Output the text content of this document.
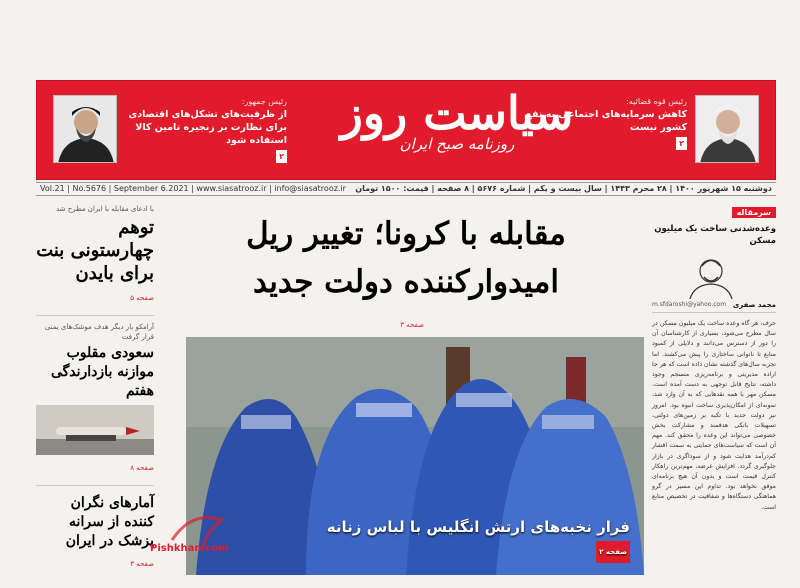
رئیس جمهور:
از ظرفیت‌های تشکل‌های اقتصادی برای نظارت بر زنجیره تامین کالا استفاده شود
۲
سیاست روز
روزنامه صبح ایران
رئیس قوه قضائیه:
کاهش سرمایه‌های اجتماعی به نفع کشور نیست
۲
Vol.21 | No.5676 | September 6.2021 | www.siasatrooz.ir | info@siasatrooz.ir دوشنبه ۱۵ شهریور ۱۴۰۰ | ۲۸ محرم ۱۴۴۳ | سال بیست و یکم | شماره ۵۶۷۶ | ۸ صفحه | قیمت: ۱۵۰۰ تومان
با ادعای مقابله با ایران مطرح شد
توهم چهارستونی بنت برای بایدن
صفحه ۵
آرامکو بار دیگر هدف موشک‌های یمنی قرار گرفت
سعودی مقلوب موازنه بازدارندگی هفتم
صفحه ۸
آمارهای نگران کننده از سرانه پزشک در ایران
صفحه ۳
مقابله با کرونا؛ تغییر ریل امیدوارکننده دولت جدید
صفحه ۳
فرار نخبه‌های ارتش انگلیس با لباس زنانه
صفحه ۲
سرمقاله
وعده‌شدنی ساخت یک میلیون مسکن
محمد صفری
m.sfdaroshi@yahoo.com
حرف، هر گاه وعده ساخت یک میلیون مسکن در سال مطرح می‌شود، بسیاری از کارشناسان آن را دور از دسترس می‌دانند و دلایلی از کمبود منابع تا ناتوانی ساختاری را پیش می‌کشند. اما تجربه سال‌های گذشته نشان داده است که هر جا اراده مدیریتی و برنامه‌ریزی منسجم وجود داشته، نتایج قابل توجهی به دست آمده است. مسکن مهر با همه نقدهایی که به آن وارد شد، نمونه‌ای از امکان‌پذیری ساخت انبوه بود. امروز نیز دولت جدید با تکیه بر زمین‌های دولتی، تسهیلات بانکی هدفمند و مشارکت بخش خصوصی می‌تواند این وعده را محقق کند. مهم آن است که سیاست‌های حمایتی به سمت اقشار کم‌درآمد هدایت شود و از سوداگری در بازار جلوگیری گردد. افزایش عرضه، مهم‌ترین راهکار کنترل قیمت است و بدون آن هیچ برنامه‌ای موفق نخواهد بود. تداوم این مسیر در گرو هماهنگی دستگاه‌ها و شفافیت در تخصیص منابع است.
Pishkhan.com
